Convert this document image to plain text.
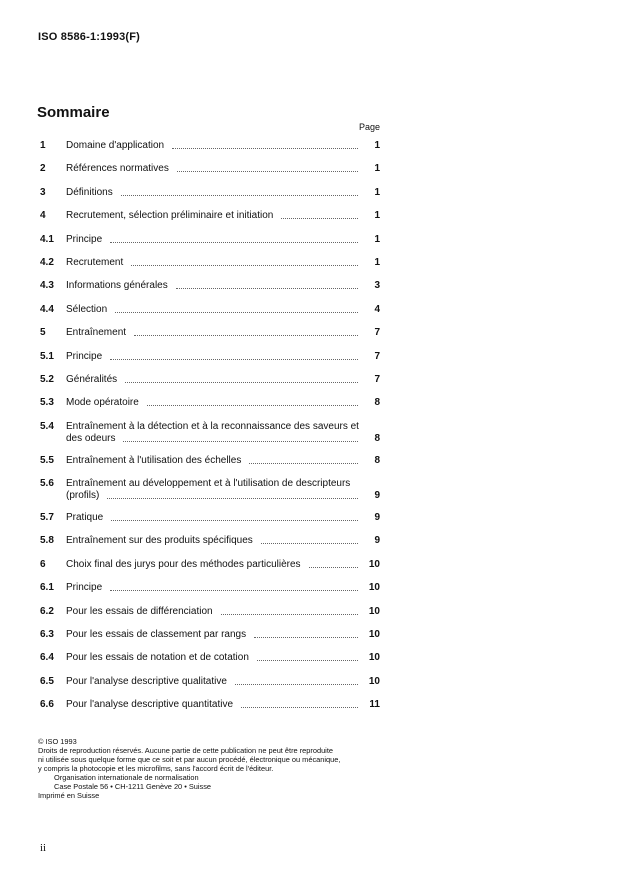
ISO 8586-1:1993(F)
Sommaire
Page
1	Domaine d'application	1
2	Références normatives	1
3	Définitions	1
4	Recrutement, sélection préliminaire et initiation	1
4.1	Principe	1
4.2	Recrutement	1
4.3	Informations générales	3
4.4	Sélection	4
5	Entraînement	7
5.1	Principe	7
5.2	Généralités	7
5.3	Mode opératoire	8
5.4	Entraînement à la détection et à la reconnaissance des saveurs et
des odeurs	8
5.5	Entraînement à l'utilisation des échelles	8
5.6	Entraînement au développement et à l'utilisation de descripteurs
(profils)	9
5.7	Pratique	9
5.8	Entraînement sur des produits spécifiques	9
6	Choix final des jurys pour des méthodes particulières	10
6.1	Principe	10
6.2	Pour les essais de différenciation	10
6.3	Pour les essais de classement par rangs	10
6.4	Pour les essais de notation et de cotation	10
6.5	Pour l'analyse descriptive qualitative	10
6.6	Pour l'analyse descriptive quantitative	11

© ISO 1993

Droits de reproduction réservés. Aucune partie de cette publication ne peut être reproduite

ni utilisée sous quelque forme que ce soit et par aucun procédé, électronique ou mécanique,

y compris la photocopie et les microfilms, sans l'accord écrit de l'éditeur.

Organisation internationale de normalisation

Case Postale 56 • CH-1211 Genève 20 • Suisse

Imprimé en Suisse

ii
